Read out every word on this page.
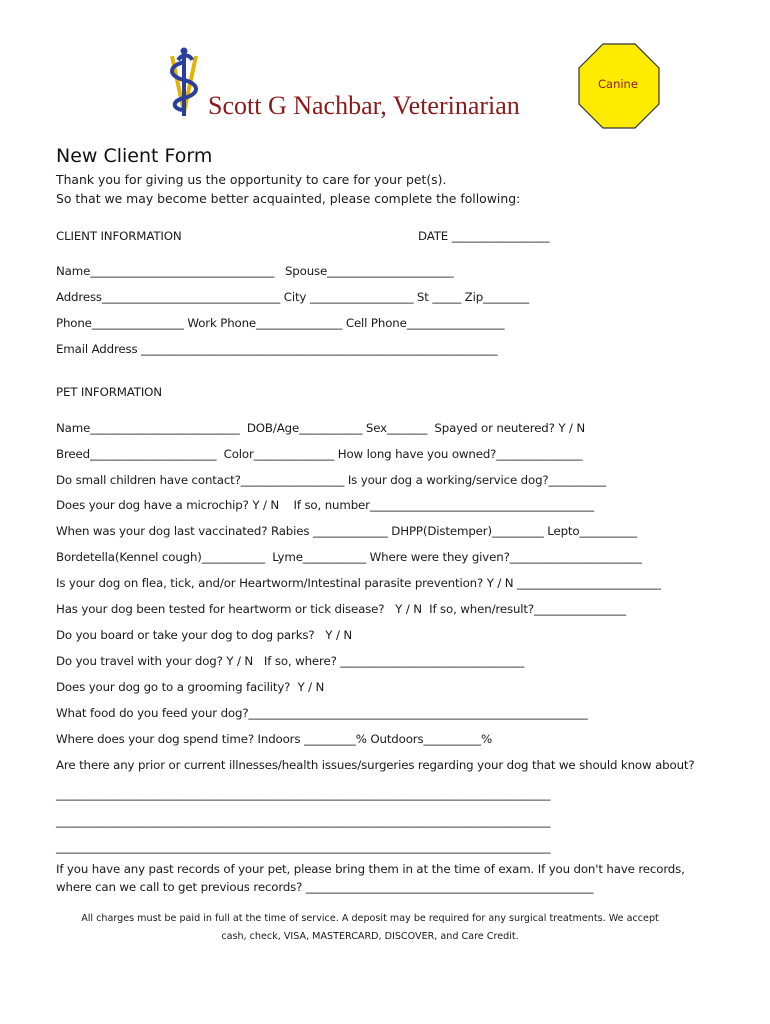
Scott G Nachbar, Veterinarian
Canine
New Client Form
Thank you for giving us the opportunity to care for your pet(s).
So that we may become better acquainted, please complete the following:
CLIENT INFORMATION	DATE _________________
Name________________________________   Spouse______________________
Address_______________________________ City __________________ St _____ Zip________
Phone________________ Work Phone_______________ Cell Phone_________________
Email Address ______________________________________________________________
PET INFORMATION
Name__________________________  DOB/Age___________ Sex_______  Spayed or neutered? Y / N
Breed______________________  Color______________ How long have you owned?_______________
Do small children have contact?__________________ Is your dog a working/service dog?__________
Does your dog have a microchip? Y / N    If so, number_______________________________________
When was your dog last vaccinated? Rabies _____________ DHPP(Distemper)_________ Lepto__________
Bordetella(Kennel cough)___________  Lyme___________ Where were they given?_______________________
Is your dog on flea, tick, and/or Heartworm/Intestinal parasite prevention? Y / N _________________________
Has your dog been tested for heartworm or tick disease?   Y / N  If so, when/result?________________
Do you board or take your dog to dog parks?   Y / N
Do you travel with your dog? Y / N   If so, where? ________________________________
Does your dog go to a grooming facility?  Y / N
What food do you feed your dog?___________________________________________________________
Where does your dog spend time? Indoors _________% Outdoors__________%
Are there any prior or current illnesses/health issues/surgeries regarding your dog that we should know about?
______________________________________________________________________________________
______________________________________________________________________________________
______________________________________________________________________________________
If you have any past records of your pet, please bring them in at the time of exam. If you don't have records,
where can we call to get previous records? __________________________________________________
All charges must be paid in full at the time of service. A deposit may be required for any surgical treatments. We accept
cash, check, VISA, MASTERCARD, DISCOVER, and Care Credit.
